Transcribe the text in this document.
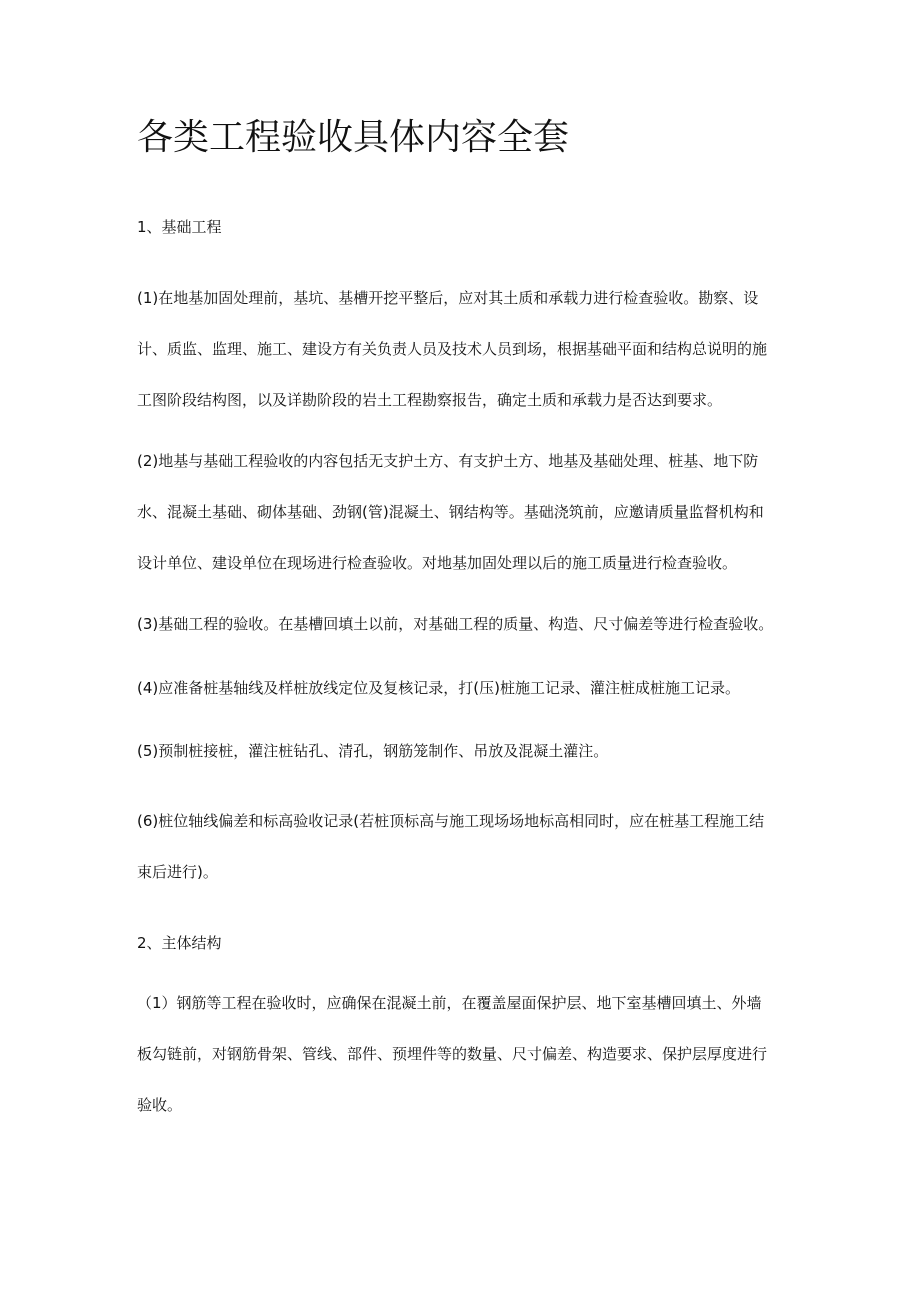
各类工程验收具体内容全套

1、基础工程

(1)在地基加固处理前，基坑、基槽开挖平整后，应对其土质和承载力进行检查验收。勘察、设
计、质监、监理、施工、建设方有关负责人员及技术人员到场，根据基础平面和结构总说明的施
工图阶段结构图，以及详勘阶段的岩土工程勘察报告，确定土质和承载力是否达到要求。
(2)地基与基础工程验收的内容包括无支护土方、有支护土方、地基及基础处理、桩基、地下防
水、混凝土基础、砌体基础、劲钢(管)混凝土、钢结构等。基础浇筑前，应邀请质量监督机构和
设计单位、建设单位在现场进行检查验收。对地基加固处理以后的施工质量进行检查验收。
(3)基础工程的验收。在基槽回填土以前，对基础工程的质量、构造、尺寸偏差等进行检查验收。
(4)应准备桩基轴线及样桩放线定位及复核记录，打(压)桩施工记录、灌注桩成桩施工记录。
(5)预制桩接桩，灌注桩钻孔、清孔，钢筋笼制作、吊放及混凝土灌注。
(6)桩位轴线偏差和标高验收记录(若桩顶标高与施工现场场地标高相同时，应在桩基工程施工结
束后进行)。

2、主体结构

（1）钢筋等工程在验收时，应确保在混凝土前，在覆盖屋面保护层、地下室基槽回填土、外墙
板勾链前，对钢筋骨架、管线、部件、预埋件等的数量、尺寸偏差、构造要求、保护层厚度进行
验收。
